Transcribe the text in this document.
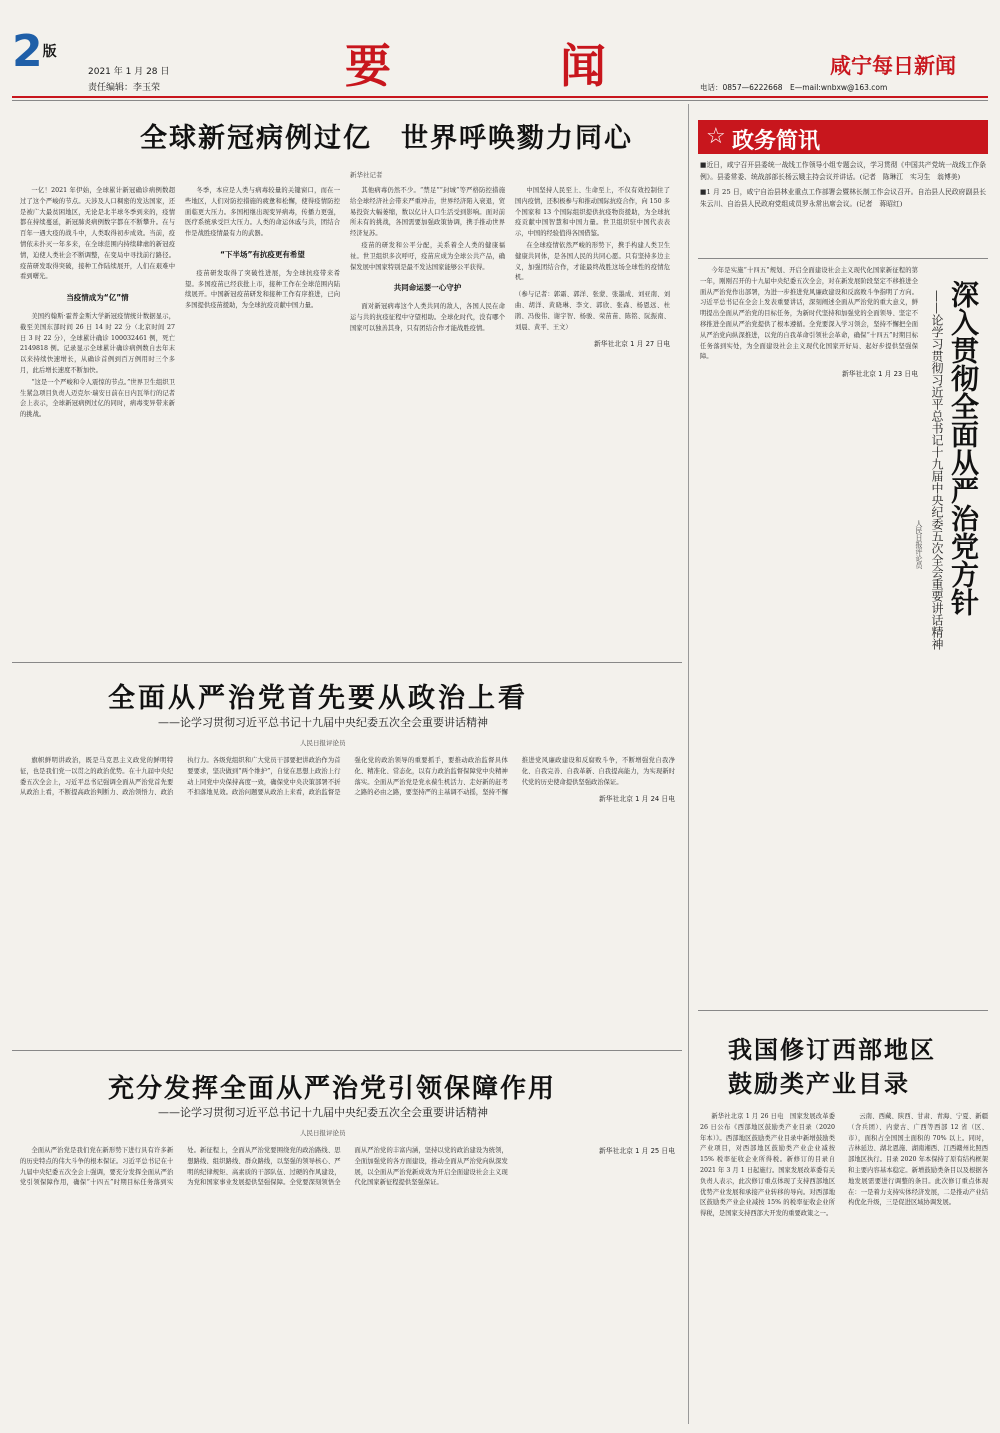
$2^版$
2021 年 1 月 28 日
责任编辑：李玉荣	要	闻	咸宁每日新闻
电话：0857—6222668　E—mail:wnbxw@163.com
全球新冠病例过亿　世界呼唤勠力同心
新华社记者

一亿！2021 年伊始，全球累计新冠确诊病例数超过了这个严峻的节点。天涉及人口稠密的发达国家，还是被广大最贫困地区，无论是北半球冬季到来的，疫情都在持续蔓延，新冠肺炎病例数字都在不断攀升。在与百年一遇大疫的战斗中，人类取得初步成效。当前，疫情依未扑灭一年多来，在全球范围内持续肆虐的新冠疫情，迫使人类社会不断调整，在变局中寻找前行路径。疫苗研发取得突破，接种工作陆续展开，人们在艰难中看到曙光。

当疫情成为“亿”情

美国约翰斯·霍普金斯大学新冠疫情统计数据显示，截至美国东部时间 26 日 14 时 22 分（北京时间 27 日 3 时 22 分），全球累计确诊 100032461 例，死亡 2149818 例。记录显示全球累计确诊病例数自去年末以来持续快速增长，从确诊首例到百万例用时三个多月，此后增长速度不断加快。

“这是一个严峻和令人震惊的节点。”世界卫生组织卫生紧急项目负责人迈克尔·瑞安日前在日内瓦举行的记者会上表示，全球新冠病例过亿的同时，病毒变异带来新的挑战。

冬季，本应是人类与病毒较量的关键窗口，而在一些地区，人们对防控措施的疲惫和松懈，使得疫情防控面临更大压力。多国相继出现变异病毒，传播力更强，医疗系统承受巨大压力。人类的命运休戚与共，团结合作是战胜疫情最有力的武器。

“下半场”有抗疫更有希望

疫苗研发取得了突破性进展，为全球抗疫带来希望。多国疫苗已经获批上市，接种工作在全球范围内陆续展开。中国新冠疫苗研发和接种工作有序推进，已向多国提供疫苗援助，为全球抗疫贡献中国力量。

其他病毒仍然不少。“禁足”“封城”等严格防控措施给全球经济社会带来严重冲击，世界经济陷入衰退，贸易投资大幅萎缩，数以亿计人口生活受到影响。面对前所未有的挑战，各国需要加强政策协调，携手推动世界经济复苏。

疫苗的研发和公平分配，关系着全人类的健康福祉。世卫组织多次呼吁，疫苗应成为全球公共产品，确保发展中国家特别是最不发达国家能够公平获得。

共同命运要一心守护

面对新冠病毒这个人类共同的敌人，各国人民在命运与共的抗疫征程中守望相助。全球化时代，没有哪个国家可以独善其身，只有团结合作才能战胜疫情。

中国坚持人民至上、生命至上，不仅有效控制住了国内疫情，还积极参与和推动国际抗疫合作，向 150 多个国家和 13 个国际组织提供抗疫物资援助，为全球抗疫贡献中国智慧和中国力量。世卫组织驻中国代表表示，中国的经验值得各国借鉴。

在全球疫情依然严峻的形势下，携手构建人类卫生健康共同体，是各国人民的共同心愿。只有坚持多边主义，加强团结合作，才能最终战胜这场全球性的疫情危机。

（参与记者：郭霜、郭洋、张蒙、张墨成、刘亚南、刘曲、胡洋、黄晓琳、李文、郭欣、张森、杨恩远、杜鹃、冯俊伟、谢宇智、杨骏、荣苗苗、陈铭、阮振南、刘晨、黄平、王文）

新华社北京 1 月 27 日电
☆ 政务简讯

■近日，咸宁召开县委统一战线工作领导小组专题会议，学习贯彻《中国共产党统一战线工作条例》。县委常委、统战部部长杨云娥主持会议并讲话。(记者　陈琳江　实习生　翁博美)

■1 月 25 日，咸宁自治县林业重点工作部署会暨林长制工作会议召开。自治县人民政府副县长朱云川、自治县人民政府党组成员罗永常出席会议。(记者　蒋昭红)

今年是实施“十四五”规划、开启全面建设社会主义现代化国家新征程的第一年，刚刚召开的十九届中央纪委五次全会，对在新发展阶段坚定不移推进全面从严治党作出部署，为进一步推进党风廉政建设和反腐败斗争指明了方向。习近平总书记在全会上发表重要讲话，深刻阐述全面从严治党的重大意义，鲜明提出全面从严治党的目标任务，为新时代坚持和加强党的全面领导、坚定不移推进全面从严治党提供了根本遵循。全党要深入学习领会，坚持不懈把全面从严治党向纵深推进，以党的自我革命引领社会革命，确保“十四五”时期目标任务落到实处，为全面建设社会主义现代化国家开好局、起好步提供坚强保障。

新华社北京 1 月 23 日电 深入贯彻全面从严治党方针
——论学习贯彻习近平总书记十九届中央纪委五次全会重要讲话精神
人民日报评论员
我国修订西部地区
鼓励类产业目录

新华社北京 1 月 26 日电　国家发展改革委 26 日公布《西部地区鼓励类产业目录（2020 年本）》。西部地区鼓励类产业目录中新增鼓励类产业项目，对西部地区鼓励类产业企业减按 15% 税率征收企业所得税。新修订的目录自 2021 年 3 月 1 日起施行。国家发展改革委有关负责人表示，此次修订重点体现了支持西部地区优势产业发展和承接产业转移的导向。对西部地区鼓励类产业企业减按 15% 的税率征收企业所得税，是国家支持西部大开发的重要政策之一。

云南、西藏、陕西、甘肃、青海、宁夏、新疆（含兵团）、内蒙古、广西等西部 12 省（区、市），面积占全国国土面积的 70% 以上。同时，吉林延边、湖北恩施、湖南湘西、江西赣州比照西部地区执行。目录 2020 年本保持了原有结构框架和主要内容基本稳定。新增鼓励类条目以及根据各地发展需要进行调整的条目。此次修订重点体现在：一是着力支持实体经济发展，二是推动产业结构优化升级，三是促进区域协调发展。

全面从严治党首先要从政治上看
——论学习贯彻习近平总书记十九届中央纪委五次全会重要讲话精神
人民日报评论员

旗帜鲜明讲政治，既是马克思主义政党的鲜明特征，也是我们党一以贯之的政治优势。在十九届中央纪委五次全会上，习近平总书记强调全面从严治党首先要从政治上看，不断提高政治判断力、政治领悟力、政治执行力。各级党组织和广大党员干部要把讲政治作为首要要求，坚决做到“两个维护”，自觉在思想上政治上行动上同党中央保持高度一致，确保党中央决策部署不折不扣落地见效。政治问题要从政治上来看，政治监督是强化党的政治领导的重要抓手，要推动政治监督具体化、精准化、常态化，以有力政治监督保障党中央精神落实。全面从严治党是党永葆生机活力、走好新的赶考之路的必由之路，要坚持严的主基调不动摇，坚持不懈推进党风廉政建设和反腐败斗争，不断增强党自我净化、自我完善、自我革新、自我提高能力，为实现新时代党的历史使命提供坚强政治保证。

新华社北京 1 月 24 日电
充分发挥全面从严治党引领保障作用
——论学习贯彻习近平总书记十九届中央纪委五次全会重要讲话精神
人民日报评论员

全面从严治党是我们党在新形势下进行具有许多新的历史特点的伟大斗争的根本保证。习近平总书记在十九届中央纪委五次全会上强调，要充分发挥全面从严治党引领保障作用，确保“十四五”时期目标任务落到实处。新征程上，全面从严治党要围绕党的政治路线、思想路线、组织路线、群众路线，以坚强的领导核心、严明的纪律规矩、高素质的干部队伍、过硬的作风建设，为党和国家事业发展提供坚强保障。全党要深刻领悟全面从严治党的丰富内涵，坚持以党的政治建设为统领，全面加强党的各方面建设，推动全面从严治党向纵深发展，以全面从严治党新成效为开启全面建设社会主义现代化国家新征程提供坚强保证。

新华社北京 1 月 25 日电
